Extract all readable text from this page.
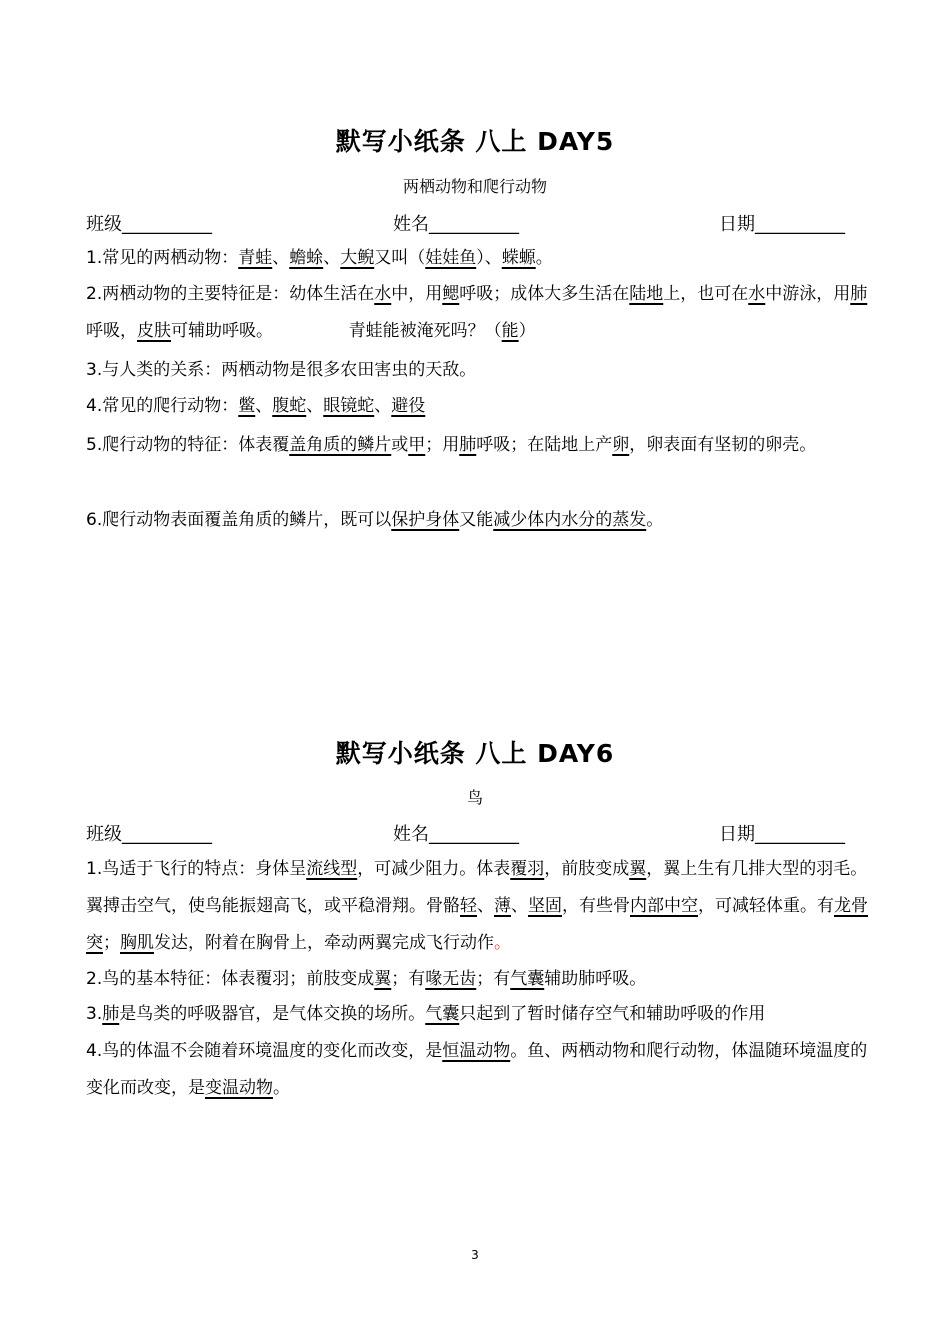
默写小纸条 八上 DAY5
两栖动物和爬行动物
班级__________	姓名__________	日期__________
1.常见的两栖动物：青蛙、蟾蜍、大鲵又叫（娃娃鱼）、蝾螈。
2.两栖动物的主要特征是：幼体生活在水中，用鳃呼吸；成体大多生活在陆地上，也可在水中游泳，用肺呼吸，皮肤可辅助呼吸。	青蛙能被淹死吗？（能）
3.与人类的关系：两栖动物是很多农田害虫的天敌。
4.常见的爬行动物：鳖、腹蛇、眼镜蛇、避役
5.爬行动物的特征：体表覆盖角质的鳞片或甲；用肺呼吸；在陆地上产卵，卵表面有坚韧的卵壳。
6.爬行动物表面覆盖角质的鳞片，既可以保护身体又能减少体内水分的蒸发。
默写小纸条 八上 DAY6
鸟
班级__________	姓名__________	日期__________
1.鸟适于飞行的特点：身体呈流线型，可减少阻力。体表覆羽，前肢变成翼，翼上生有几排大型的羽毛。翼搏击空气，使鸟能振翅高飞，或平稳滑翔。骨骼轻、薄、坚固，有些骨内部中空，可减轻体重。有龙骨突；胸肌发达，附着在胸骨上，牵动两翼完成飞行动作。
2.鸟的基本特征：体表覆羽；前肢变成翼；有喙无齿；有气囊辅助肺呼吸。
3.肺是鸟类的呼吸器官，是气体交换的场所。气囊只起到了暂时储存空气和辅助呼吸的作用
4.鸟的体温不会随着环境温度的变化而改变，是恒温动物。鱼、两栖动物和爬行动物，体温随环境温度的变化而改变，是变温动物。
3
